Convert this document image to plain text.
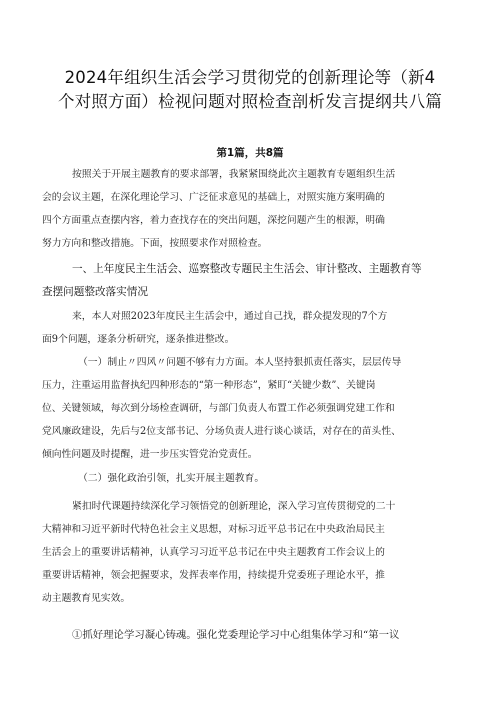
2024年组织生活会学习贯彻党的创新理论等（新4
个对照方面）检视问题对照检查剖析发言提纲共八篇
第1篇，共8篇
按照关于开展主题教育的要求部署，我紧紧围绕此次主题教育专题组织生活
会的会议主题，在深化理论学习、广泛征求意见的基础上，对照实施方案明确的
四个方面重点查摆内容，着力查找存在的突出问题，深挖问题产生的根源，明确
努力方向和整改措施。下面，按照要求作对照检查。
一、上年度民主生活会、巡察整改专题民主生活会、审计整改、主题教育等
查摆问题整改落实情况
来，本人对照2023年度民主生活会中，通过自己找，群众提发现的7个方
面9个问题，逐条分析研究，逐条推进整改。
（一）制止〃四风〃问题不够有力方面。本人坚持狠抓责任落实，层层传导
压力，注重运用监督执纪四种形态的“第一种形态”，紧盯“关键少数”、关键岗
位、关键领域，每次到分场检查调研，与部门负责人布置工作必须强调党建工作和
党风廉政建设，先后与2位支部书记、分场负责人进行谈心谈话，对存在的苗头性、
倾向性问题及时提醒，进一步压实管党治党责任。
（二）强化政治引领，扎实开展主题教育。
紧扣时代课题持续深化学习领悟党的创新理论，深入学习宣传贯彻党的二十
大精神和习近平新时代特色社会主义思想，对标习近平总书记在中央政治局民主
生活会上的重要讲话精神，认真学习习近平总书记在中央主题教育工作会议上的
重要讲话精神，领会把握要求，发挥表率作用，持续提升党委班子理论水平，推
动主题教育见实效。
①抓好理论学习凝心铸魂。强化党委理论学习中心组集体学习和“第一议
